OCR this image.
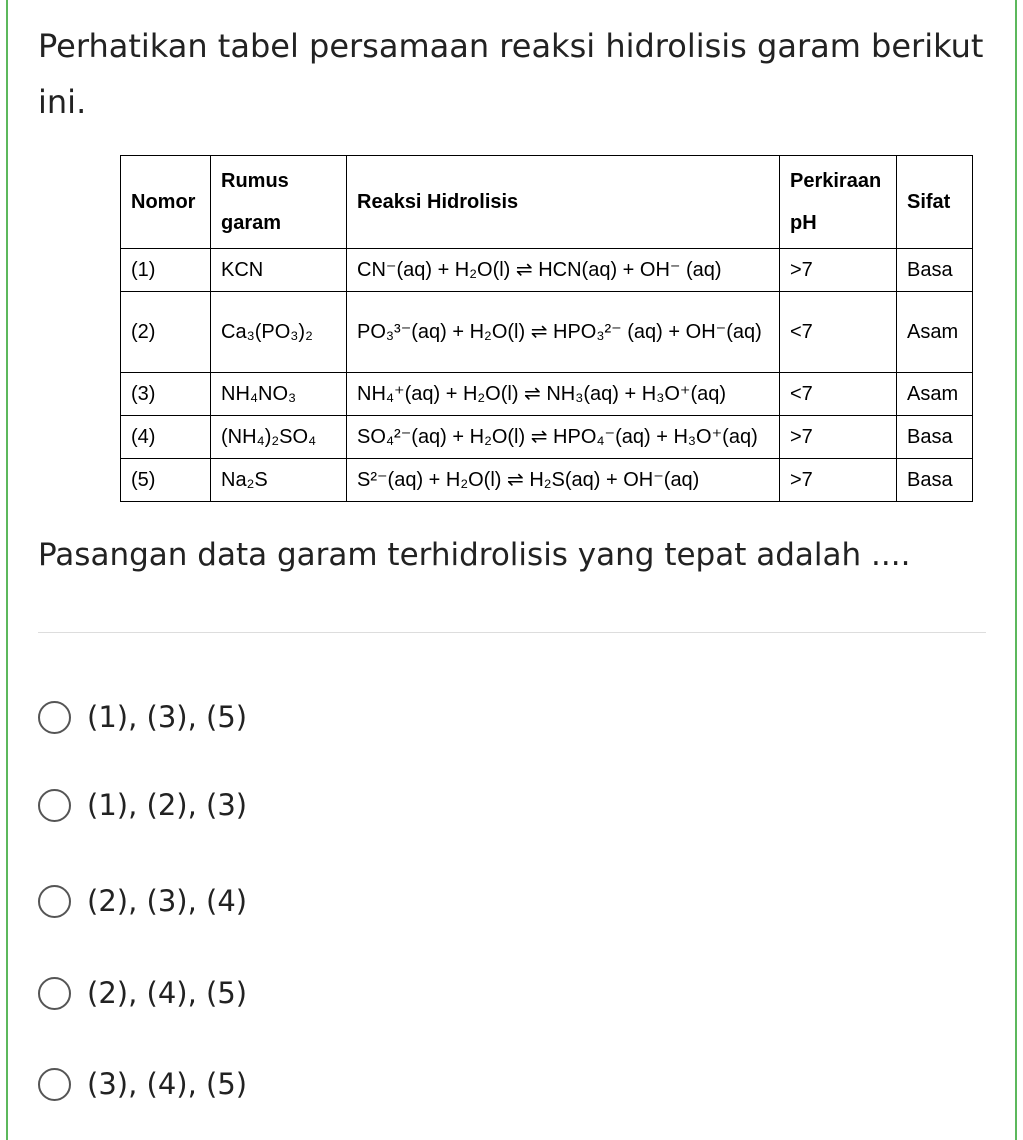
Perhatikan tabel persamaan reaksi hidrolisis garam berikut ini.
Nomor	Rumus garam	Reaksi Hidrolisis	Perkiraan pH	Sifat
(1)	KCN	CN⁻(aq) + H₂O(l) ⇌ HCN(aq) + OH⁻ (aq)	>7	Basa
(2)	Ca₃(PO₃)₂	PO₃³⁻(aq) + H₂O(l) ⇌ HPO₃²⁻ (aq) + OH⁻(aq)	<7	Asam
(3)	NH₄NO₃	NH₄⁺(aq) + H₂O(l) ⇌ NH₃(aq) + H₃O⁺(aq)	<7	Asam
(4)	(NH₄)₂SO₄	SO₄²⁻(aq) + H₂O(l) ⇌ HPO₄⁻(aq) + H₃O⁺(aq)	>7	Basa
(5)	Na₂S	S²⁻(aq) + H₂O(l) ⇌ H₂S(aq) + OH⁻(aq)	>7	Basa
Pasangan data garam terhidrolisis yang tepat adalah ....
(1), (3), (5)
(1), (2), (3)
(2), (3), (4)
(2), (4), (5)
(3), (4), (5)
